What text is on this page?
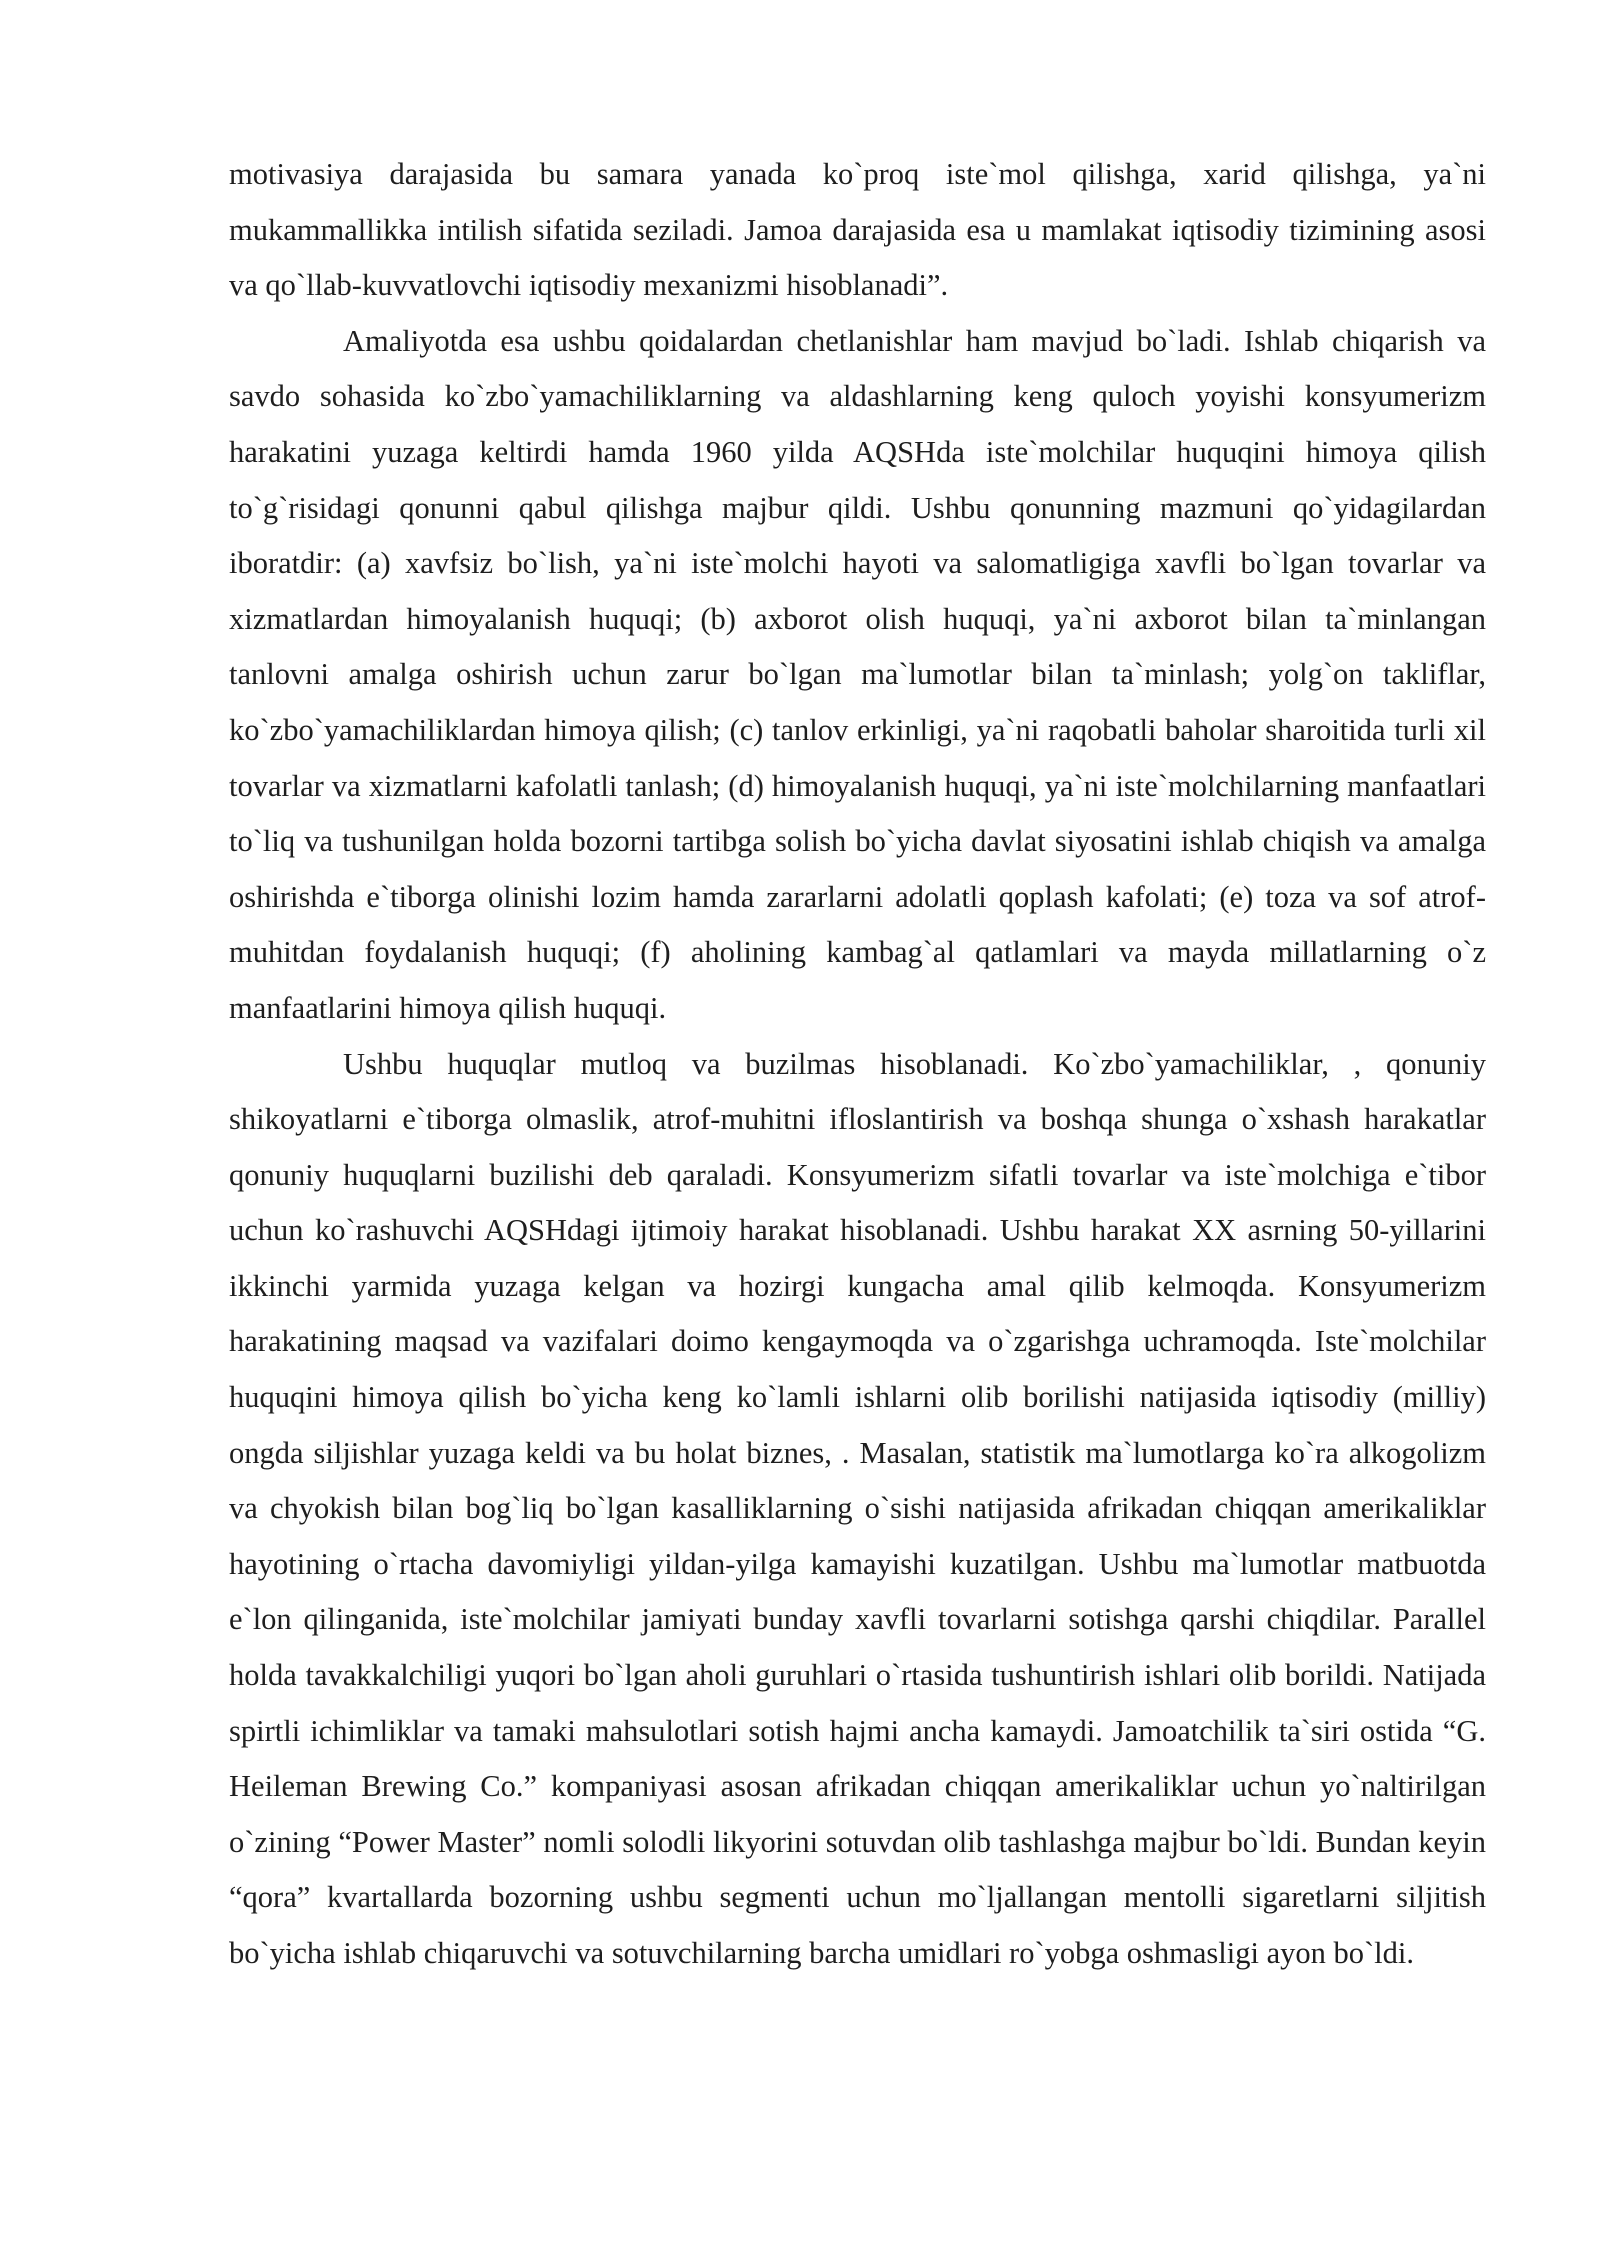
motivasiya darajasida bu samara yanada ko`proq iste`mol qilishga, xarid qilishga, ya`ni mukammallikka intilish sifatida seziladi. Jamoa darajasida esa u mamlakat iqtisodiy tizimining asosi va qo`llab-kuvvatlovchi iqtisodiy mexanizmi hisoblanadi”.

Amaliyotda esa ushbu qoidalardan chetlanishlar ham mavjud bo`ladi. Ishlab chiqarish va savdo sohasida ko`zbo`yamachiliklarning va aldashlarning keng quloch yoyishi konsyumerizm harakatini yuzaga keltirdi hamda 1960 yilda AQSHda iste`molchilar huquqini himoya qilish to`g`risidagi qonunni qabul qilishga majbur qildi. Ushbu qonunning mazmuni qo`yidagilardan iboratdir: (a) xavfsiz bo`lish, ya`ni iste`molchi hayoti va salomatligiga xavfli bo`lgan tovarlar va xizmatlardan himoyalanish huquqi; (b) axborot olish huquqi, ya`ni axborot bilan ta`minlangan tanlovni amalga oshirish uchun zarur bo`lgan ma`lumotlar bilan ta`minlash; yolg`on takliflar, ko`zbo`yamachiliklardan himoya qilish; (c) tanlov erkinligi, ya`ni raqobatli baholar sharoitida turli xil tovarlar va xizmatlarni kafolatli tanlash; (d) himoyalanish huquqi, ya`ni iste`molchilarning manfaatlari to`liq va tushunilgan holda bozorni tartibga solish bo`yicha davlat siyosatini ishlab chiqish va amalga oshirishda e`tiborga olinishi lozim hamda zararlarni adolatli qoplash kafolati; (e) toza va sof atrof-muhitdan foydalanish huquqi; (f) aholining kambag`al qatlamlari va mayda millatlarning o`z manfaatlarini himoya qilish huquqi.

Ushbu huquqlar mutloq va buzilmas hisoblanadi. Ko`zbo`yamachiliklar, , qonuniy shikoyatlarni e`tiborga olmaslik, atrof-muhitni ifloslantirish va boshqa shunga o`xshash harakatlar qonuniy huquqlarni buzilishi deb qaraladi. Konsyumerizm sifatli tovarlar va iste`molchiga e`tibor uchun ko`rashuvchi AQSHdagi ijtimoiy harakat hisoblanadi. Ushbu harakat XX asrning 50-yillarini ikkinchi yarmida yuzaga kelgan va hozirgi kungacha amal qilib kelmoqda. Konsyumerizm harakatining maqsad va vazifalari doimo kengaymoqda va o`zgarishga uchramoqda. Iste`molchilar huquqini himoya qilish bo`yicha keng ko`lamli ishlarni olib borilishi natijasida iqtisodiy (milliy) ongda siljishlar yuzaga keldi va bu holat biznes, . Masalan, statistik ma`lumotlarga ko`ra alkogolizm va chyokish bilan bog`liq bo`lgan kasalliklarning o`sishi natijasida afrikadan chiqqan amerikaliklar hayotining o`rtacha davomiyligi yildan-yilga kamayishi kuzatilgan. Ushbu ma`lumotlar matbuotda e`lon qilinganida, iste`molchilar jamiyati bunday xavfli tovarlarni sotishga qarshi chiqdilar. Parallel holda tavakkalchiligi yuqori bo`lgan aholi guruhlari o`rtasida tushuntirish ishlari olib borildi. Natijada spirtli ichimliklar va tamaki mahsulotlari sotish hajmi ancha kamaydi. Jamoatchilik ta`siri ostida “G. Heileman Brewing Co.” kompaniyasi asosan afrikadan chiqqan amerikaliklar uchun yo`naltirilgan o`zining “Power Master” nomli solodli likyorini sotuvdan olib tashlashga majbur bo`ldi. Bundan keyin “qora” kvartallarda bozorning ushbu segmenti uchun mo`ljallangan mentolli sigaretlarni siljitish bo`yicha ishlab chiqaruvchi va sotuvchilarning barcha umidlari ro`yobga oshmasligi ayon bo`ldi.
